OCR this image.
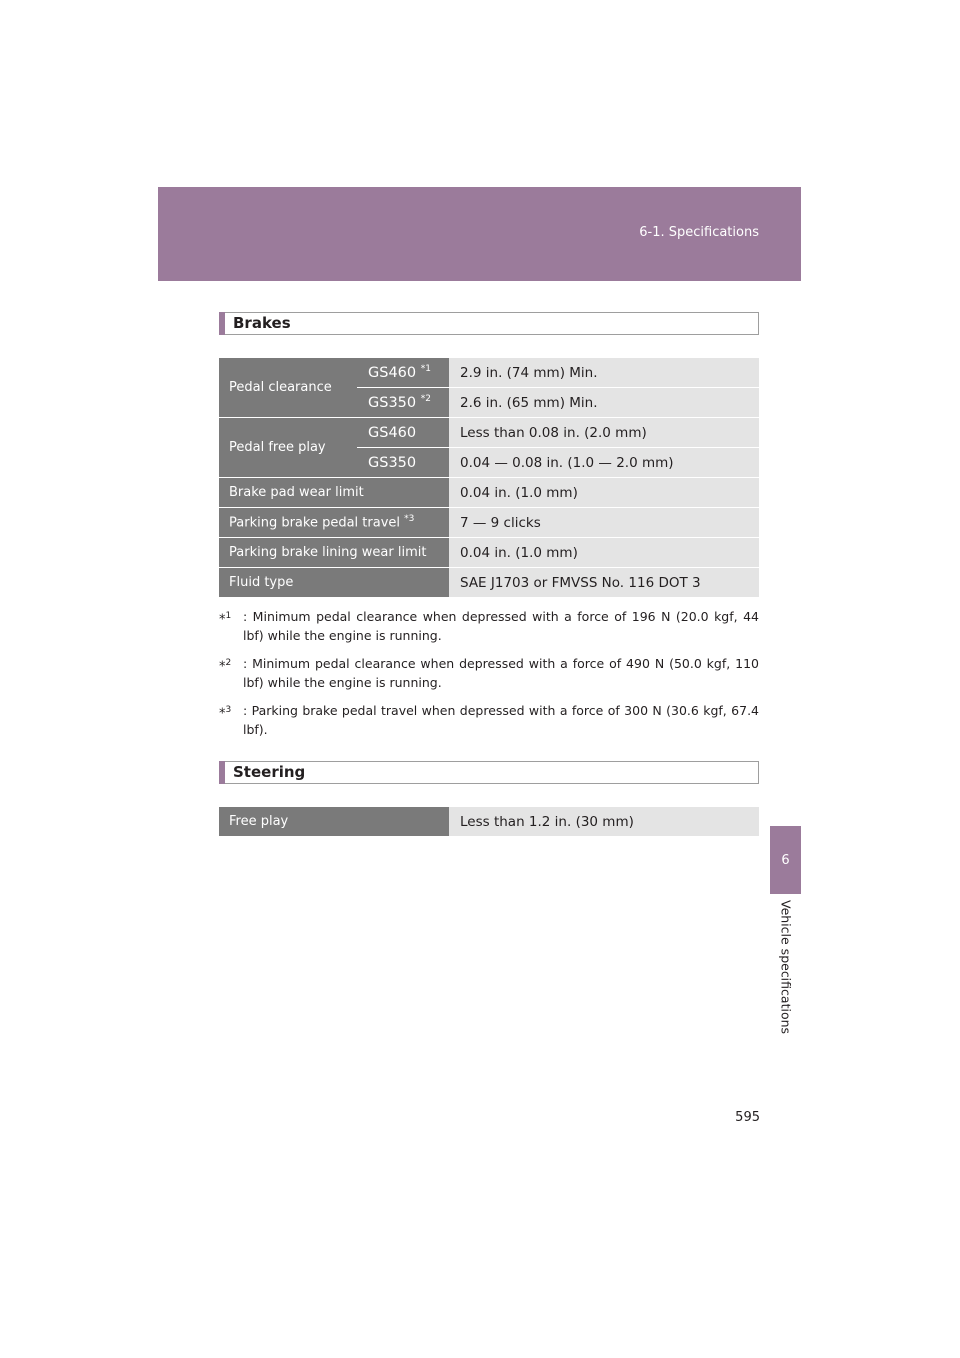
6-1. Specifications
6
Vehicle specifications
Brakes
Pedal clearance	GS460 $^{*1}$	2.9 in. (74 mm) Min.
	GS350 $^{*2}$	2.6 in. (65 mm) Min.
Pedal free play	GS460	Less than 0.08 in. (2.0 mm)
	GS350	0.04 — 0.08 in. (1.0 — 2.0 mm)
Brake pad wear limit		0.04 in. (1.0 mm)
Parking brake pedal travel $^{*3}$		7 — 9 clicks
Parking brake lining wear limit		0.04 in. (1.0 mm)
Fluid type		SAE J1703 or FMVSS No. 116 DOT 3
*$^1$ : Minimum pedal clearance when depressed with a force of 196 N (20.0 kgf, 44 lbf) while the engine is running.
*$^2$ : Minimum pedal clearance when depressed with a force of 490 N (50.0 kgf, 110 lbf) while the engine is running.
*$^3$ : Parking brake pedal travel when depressed with a force of 300 N (30.6 kgf, 67.4 lbf).
Steering
Free play	Less than 1.2 in. (30 mm)
595
